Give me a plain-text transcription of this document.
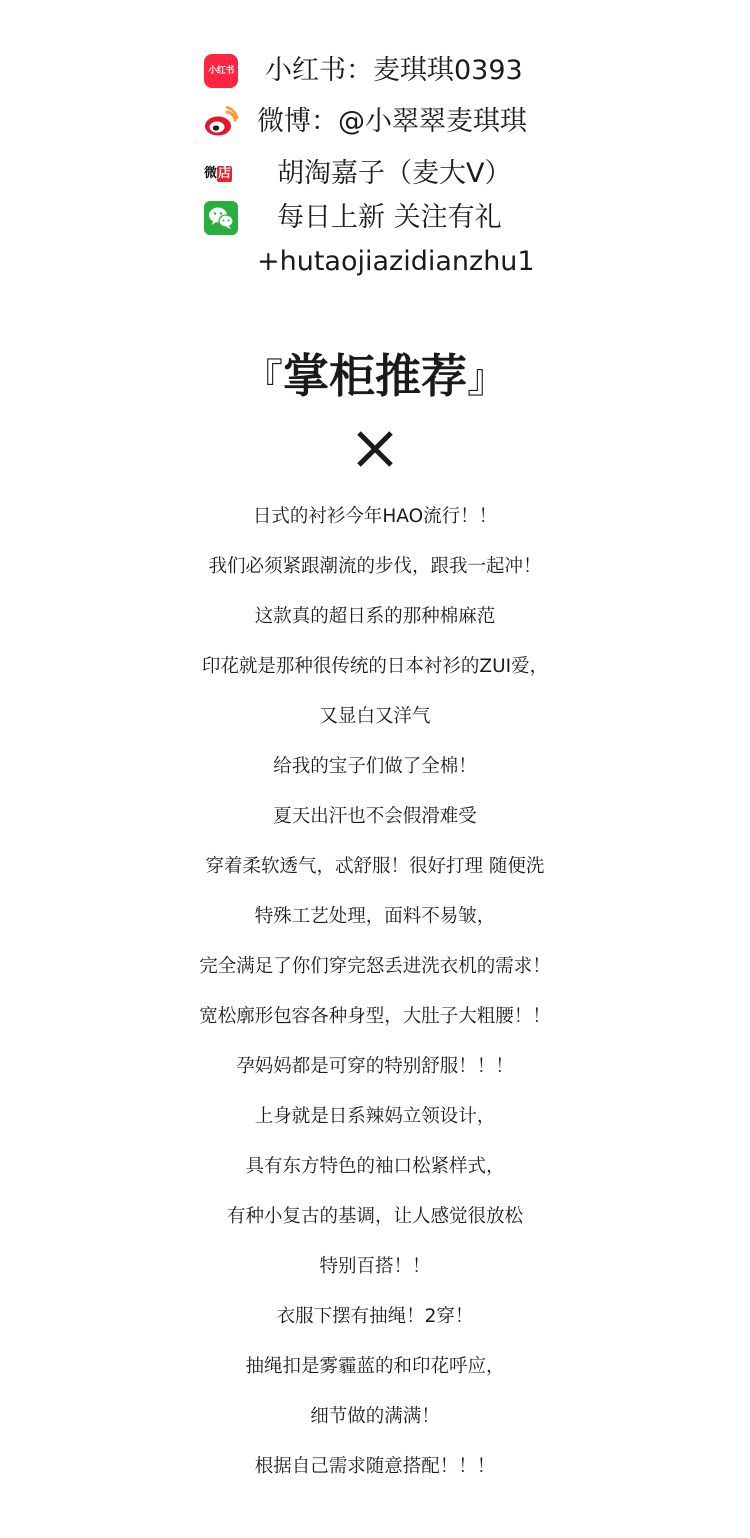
小红书 小红书：麦琪琪0393
微博：@小翠翠麦琪琪
微店 胡淘嘉子（麦大V）
每日上新 关注有礼
+hutaojiazidianzhu1
『掌柜推荐』
日式的衬衫今年HAO流行！！
我们必须紧跟潮流的步伐，跟我一起冲！
这款真的超日系的那种棉麻范
印花就是那种很传统的日本衬衫的ZUI爱，
又显白又洋气
给我的宝子们做了全棉！
夏天出汗也不会假滑难受
穿着柔软透气，忒舒服！很好打理 随便洗
特殊工艺处理，面料不易皱，
完全满足了你们穿完怒丢进洗衣机的需求！
宽松廓形包容各种身型，大肚子大粗腰！！
孕妈妈都是可穿的特别舒服！！！
上身就是日系辣妈立领设计，
具有东方特色的袖口松紧样式，
有种小复古的基调，让人感觉很放松
特别百搭！！
衣服下摆有抽绳！2穿！
抽绳扣是雾霾蓝的和印花呼应，
细节做的满满！
根据自己需求随意搭配！！！
